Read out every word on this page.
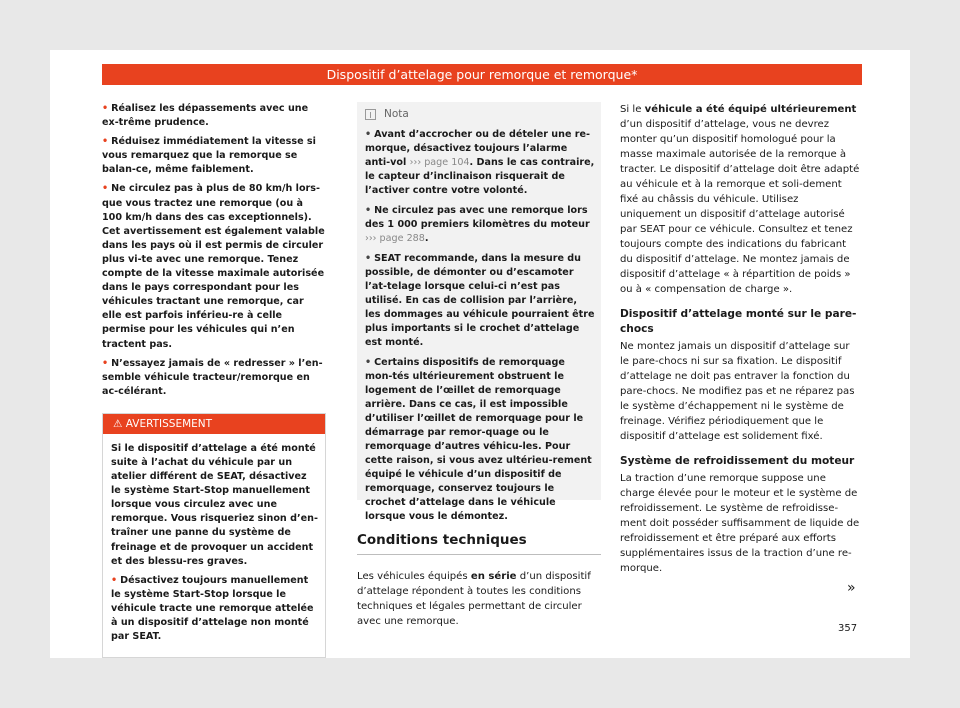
Dispositif d’attelage pour remorque et remorque*
• Réalisez les dépassements avec une ex-trême prudence.
• Réduisez immédiatement la vitesse si vous remarquez que la remorque se balan-ce, même faiblement.
• Ne circulez pas à plus de 80 km/h lors-que vous tractez une remorque (ou à 100 km/h dans des cas exceptionnels). Cet avertissement est également valable dans les pays où il est permis de circuler plus vi-te avec une remorque. Tenez compte de la vitesse maximale autorisée dans le pays correspondant pour les véhicules tractant une remorque, car elle est parfois inférieu-re à celle permise pour les véhicules qui n’en tractent pas.
• N’essayez jamais de « redresser » l’en-semble véhicule tracteur/remorque en ac-célérant.
⚠ AVERTISSEMENT

Si le dispositif d’attelage a été monté suite à l’achat du véhicule par un atelier différent de SEAT, désactivez le système Start-Stop manuellement lorsque vous circulez avec une remorque. Vous risqueriez sinon d’en-traîner une panne du système de freinage et de provoquer un accident et des blessu-res graves.

• Désactivez toujours manuellement le système Start-Stop lorsque le véhicule tracte une remorque attelée à un dispositif d’attelage non monté par SEAT.

Nota
• Avant d’accrocher ou de dételer une re-morque, désactivez toujours l’alarme anti-vol ››› page 104. Dans le cas contraire, le capteur d’inclinaison risquerait de l’activer contre votre volonté.
• Ne circulez pas avec une remorque lors des 1 000 premiers kilomètres du moteur ››› page 288.
• SEAT recommande, dans la mesure du possible, de démonter ou d’escamoter l’at-telage lorsque celui-ci n’est pas utilisé. En cas de collision par l’arrière, les dommages au véhicule pourraient être plus importants si le crochet d’attelage est monté.
• Certains dispositifs de remorquage mon-tés ultérieurement obstruent le logement de l’œillet de remorquage arrière. Dans ce cas, il est impossible d’utiliser l’œillet de remorquage pour le démarrage par remor-quage ou le remorquage d’autres véhicu-les. Pour cette raison, si vous avez ultérieu-rement équipé le véhicule d’un dispositif de remorquage, conservez toujours le crochet d’attelage dans le véhicule lorsque vous le démontez.
Conditions techniques

Les véhicules équipés en série d’un dispositif d’attelage répondent à toutes les conditions techniques et légales permettant de circuler avec une remorque.

Si le véhicule a été équipé ultérieurement d’un dispositif d’attelage, vous ne devrez monter qu’un dispositif homologué pour la masse maximale autorisée de la remorque à tracter. Le dispositif d’attelage doit être adapté au véhicule et à la remorque et soli-dement fixé au châssis du véhicule. Utilisez uniquement un dispositif d’attelage autorisé par SEAT pour ce véhicule. Consultez et tenez toujours compte des indications du fabricant du dispositif d’attelage. Ne montez jamais de dispositif d’attelage « à répartition de poids » ou à « compensation de charge ».

Dispositif d’attelage monté sur le pare-chocs

Ne montez jamais un dispositif d’attelage sur le pare-chocs ni sur sa fixation. Le dispositif d’attelage ne doit pas entraver la fonction du pare-chocs. Ne modifiez pas et ne réparez pas le système d’échappement ni le système de freinage. Vérifiez périodiquement que le dispositif d’attelage est solidement fixé.

Système de refroidissement du moteur

La traction d’une remorque suppose une charge élevée pour le moteur et le système de refroidissement. Le système de refroidisse-ment doit posséder suffisamment de liquide de refroidissement et être préparé aux efforts supplémentaires issus de la traction d’une re-morque.

»
357
